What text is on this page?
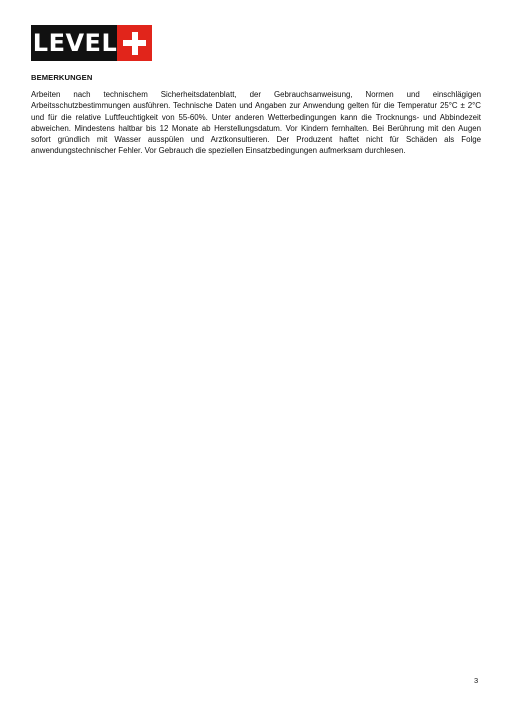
LEVEL
BEMERKUNGEN

Arbeiten nach technischem Sicherheitsdatenblatt, der Gebrauchsanweisung, Normen und einschlägigen Arbeitsschutzbestimmungen ausführen. Technische Daten und Angaben zur Anwendung gelten für die Temperatur 25°C ± 2°C und für die relative Luftfeuchtigkeit von 55-60%. Unter anderen Wetterbedingungen kann die Trocknungs- und Abbindezeit abweichen. Mindestens haltbar bis 12 Monate ab Herstellungsdatum. Vor Kindern fernhalten. Bei Berührung mit den Augen sofort gründlich mit Wasser ausspülen und Arztkonsultieren. Der Produzent haftet nicht für Schäden als Folge anwendungstechnischer Fehler. Vor Gebrauch die speziellen Einsatzbedingungen aufmerksam durchlesen.

3
